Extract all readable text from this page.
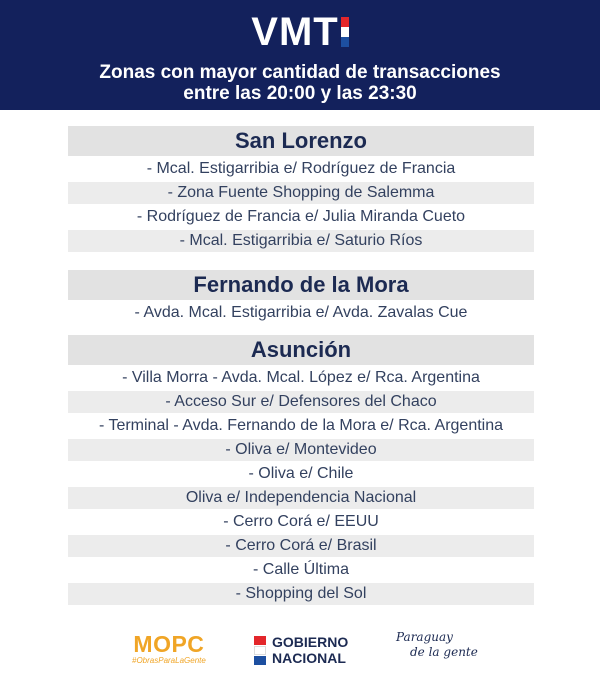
VMT
Zonas con mayor cantidad de transacciones
entre las 20:00 y las 23:30
San Lorenzo
- Mcal. Estigarribia e/ Rodríguez de Francia
- Zona Fuente Shopping de Salemma
- Rodríguez de Francia e/ Julia Miranda Cueto
- Mcal. Estigarribia e/ Saturio Ríos
Fernando de la Mora
- Avda. Mcal. Estigarribia e/ Avda. Zavalas Cue
Asunción
- Villa Morra - Avda. Mcal. López e/ Rca. Argentina
- Acceso Sur e/ Defensores del Chaco
- Terminal - Avda. Fernando de la Mora e/ Rca. Argentina
- Oliva e/ Montevideo
- Oliva e/ Chile
Oliva e/ Independencia Nacional
- Cerro Corá e/ EEUU
- Cerro Corá e/ Brasil
- Calle Última
- Shopping del Sol
MOPC
#ObrasParaLaGente
GOBIERNO
NACIONAL
Paraguay
de la gente
